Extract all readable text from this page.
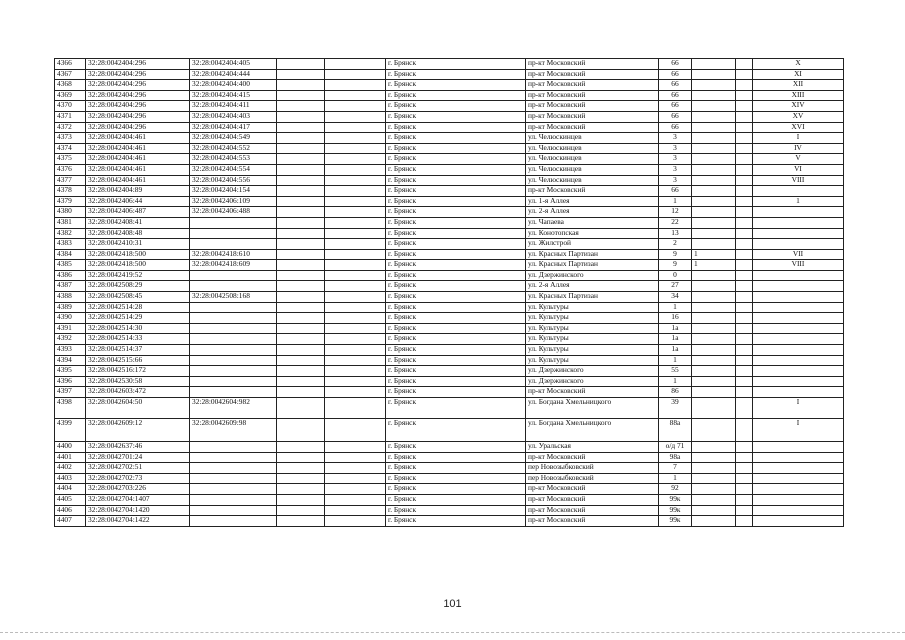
4366	32:28:0042404:296	32:28:0042404:405			г. Брянск	пр-кт Московский	66			X
4367	32:28:0042404:296	32:28:0042404:444			г. Брянск	пр-кт Московский	66			XI
4368	32:28:0042404:296	32:28:0042404:400			г. Брянск	пр-кт Московский	66			XII
4369	32:28:0042404:296	32:28:0042404:415			г. Брянск	пр-кт Московский	66			XIII
4370	32:28:0042404:296	32:28:0042404:411			г. Брянск	пр-кт Московский	66			XIV
4371	32:28:0042404:296	32:28:0042404:403			г. Брянск	пр-кт Московский	66			XV
4372	32:28:0042404:296	32:28:0042404:417			г. Брянск	пр-кт Московский	66			XVI
4373	32:28:0042404:461	32:28:0042404:549			г. Брянск	ул. Челюскинцев	3			I
4374	32:28:0042404:461	32:28:0042404:552			г. Брянск	ул. Челюскинцев	3			IV
4375	32:28:0042404:461	32:28:0042404:553			г. Брянск	ул. Челюскинцев	3			V
4376	32:28:0042404:461	32:28:0042404:554			г. Брянск	ул. Челюскинцев	3			VI
4377	32:28:0042404:461	32:28:0042404:556			г. Брянск	ул. Челюскинцев	3			VIII
4378	32:28:0042404:89	32:28:0042404:154			г. Брянск	пр-кт Московский	66			
4379	32:28:0042406:44	32:28:0042406:109			г. Брянск	ул. 1-я Аллея	1			1
4380	32:28:0042406:487	32:28:0042406:488			г. Брянск	ул. 2-я Аллея	12			
4381	32:28:0042408:41				г. Брянск	ул. Чапаева	22			
4382	32:28:0042408:48				г. Брянск	ул. Конотопская	13			
4383	32:28:0042410:31				г. Брянск	ул. Жилстрой	2			
4384	32:28:0042418:500	32:28:0042418:610			г. Брянск	ул. Красных Партизан	9	1		VII
4385	32:28:0042418:500	32:28:0042418:609			г. Брянск	ул. Красных Партизан	9	1		VIII
4386	32:28:0042419:52				г. Брянск	ул. Дзержинского	0			
4387	32:28:0042508:29				г. Брянск	ул. 2-я Аллея	27			
4388	32:28:0042508:45	32:28:0042508:168			г. Брянск	ул. Красных Партизан	34			
4389	32:28:0042514:28				г. Брянск	ул. Культуры	1			
4390	32:28:0042514:29				г. Брянск	ул. Культуры	16			
4391	32:28:0042514:30				г. Брянск	ул. Культуры	1а			
4392	32:28:0042514:33				г. Брянск	ул. Культуры	1а			
4393	32:28:0042514:37				г. Брянск	ул. Культуры	1а			
4394	32:28:0042515:66				г. Брянск	ул. Культуры	1			
4395	32:28:0042516:172				г. Брянск	ул. Дзержинского	55			
4396	32:28:0042530:58				г. Брянск	ул. Дзержинского	1			
4397	32:28:0042603:472				г. Брянск	пр-кт Московский	86			
4398	32:28:0042604:50	32:28:0042604:982			г. Брянск	ул. Богдана Хмельницкого	39			I
4399	32:28:0042609:12	32:28:0042609:98			г. Брянск	ул. Богдана Хмельницкого	88а			I
4400	32:28:0042637:46				г. Брянск	ул. Уральская	о/д 71			
4401	32:28:0042701:24				г. Брянск	пр-кт Московский	98а			
4402	32:28:0042702:51				г. Брянск	пер Новозыбковский	7			
4403	32:28:0042702:73				г. Брянск	пер Новозыбковский	1			
4404	32:28:0042703:226				г. Брянск	пр-кт Московский	92			
4405	32:28:0042704:1407				г. Брянск	пр-кт Московский	99к			
4406	32:28:0042704:1420				г. Брянск	пр-кт Московский	99к			
4407	32:28:0042704:1422				г. Брянск	пр-кт Московский	99к			
101
